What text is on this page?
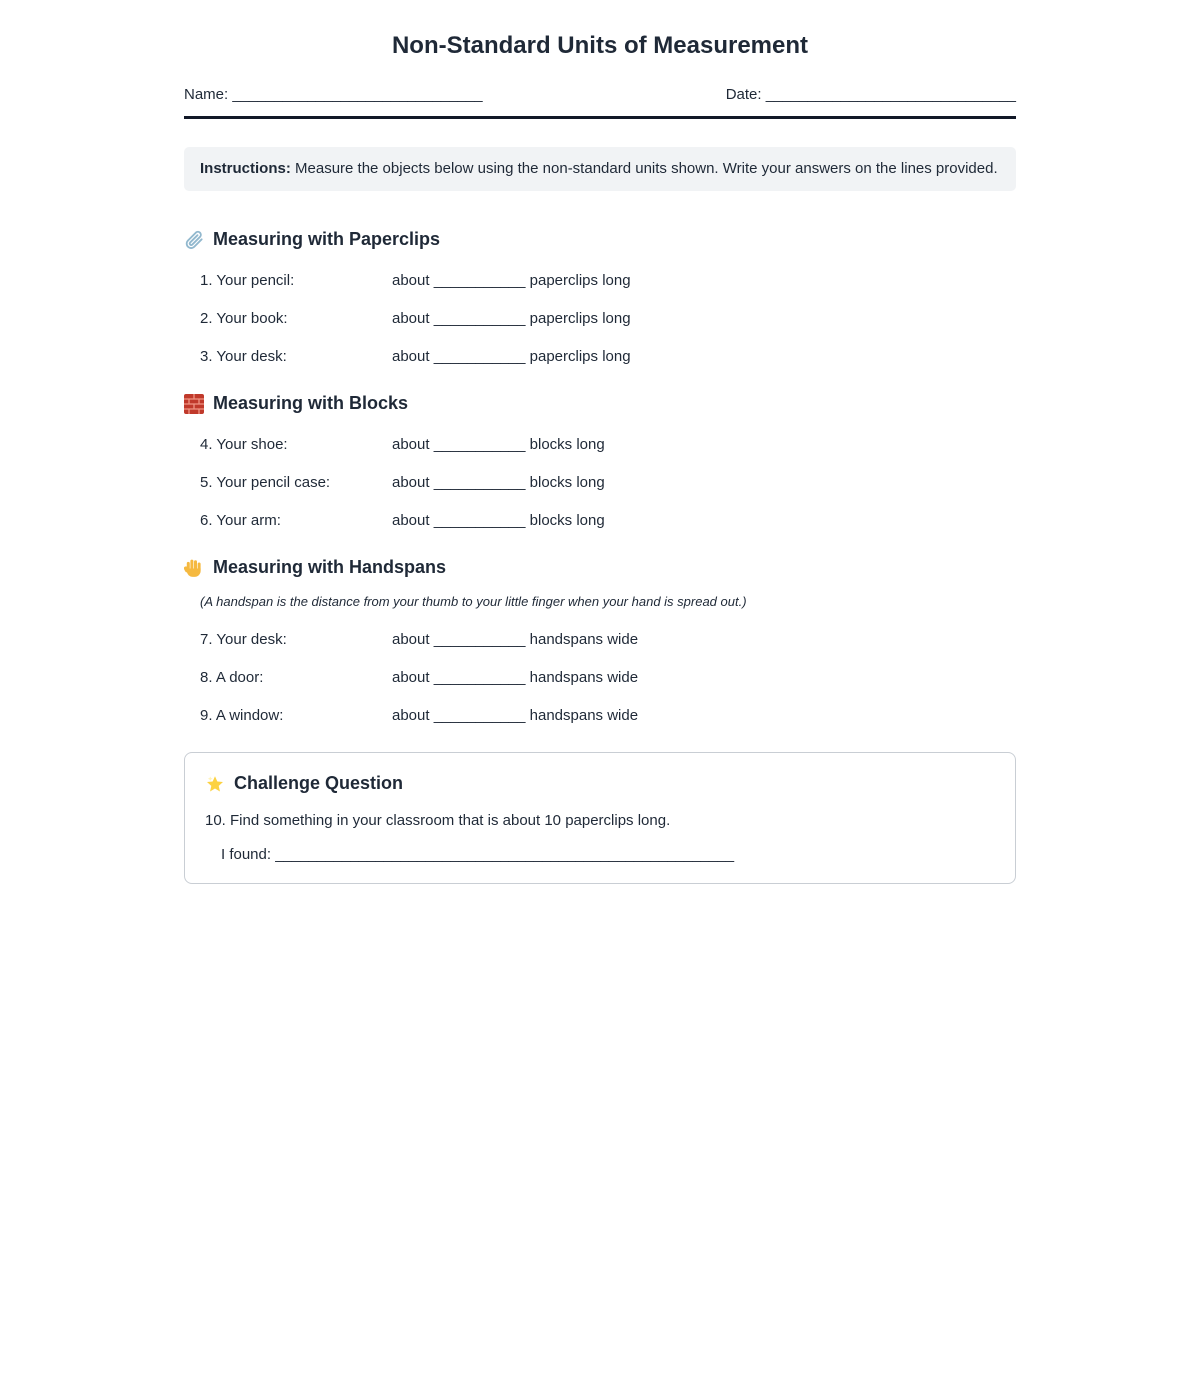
Non-Standard Units of Measurement
Name: ______________________________	Date: ______________________________
Instructions: Measure the objects below using the non-standard units shown. Write your answers on the lines provided.
Measuring with Paperclips
1. Your pencil:	about ___________ paperclips long
2. Your book:	about ___________ paperclips long
3. Your desk:	about ___________ paperclips long
Measuring with Blocks
4. Your shoe:	about ___________ blocks long
5. Your pencil case:	about ___________ blocks long
6. Your arm:	about ___________ blocks long
Measuring with Handspans
(A handspan is the distance from your thumb to your little finger when your hand is spread out.)
7. Your desk:	about ___________ handspans wide
8. A door:	about ___________ handspans wide
9. A window:	about ___________ handspans wide
Challenge Question
10. Find something in your classroom that is about 10 paperclips long.
I found: _______________________________________________________
